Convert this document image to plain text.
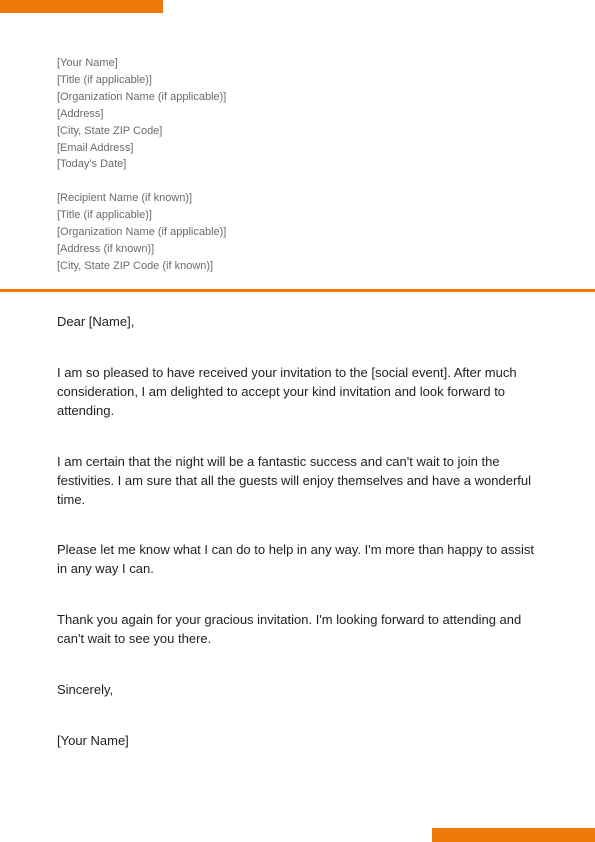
[Your Name]
[Title (if applicable)]
[Organization Name (if applicable)]
[Address]
[City, State ZIP Code]
[Email Address]
[Today's Date]
[Recipient Name (if known)]
[Title (if applicable)]
[Organization Name (if applicable)]
[Address (if known)]
[City, State ZIP Code (if known)]

Dear [Name],

I am so pleased to have received your invitation to the [social event]. After much consideration, I am delighted to accept your kind invitation and look forward to attending.

I am certain that the night will be a fantastic success and can't wait to join the festivities. I am sure that all the guests will enjoy themselves and have a wonderful time.

Please let me know what I can do to help in any way. I'm more than happy to assist in any way I can.

Thank you again for your gracious invitation. I'm looking forward to attending and can't wait to see you there.

Sincerely,

[Your Name]
